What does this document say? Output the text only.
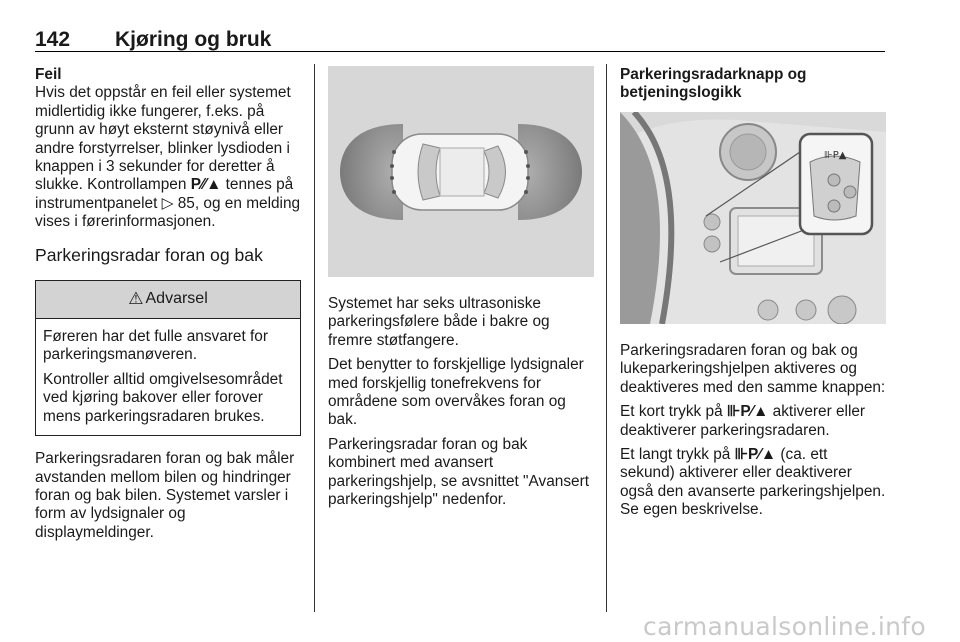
142 Kjøring og bruk

Feil

Hvis det oppstår en feil eller systemet midlertidig ikke fungerer, f.eks. på grunn av høyt eksternt støynivå eller andre forstyrrelser, blinker lysdioden i knappen i 3 sekunder for deretter å slukke. Kontrollampen P⁄⁄▲ tennes på instrumentpanelet ▷ 85, og en melding vises i førerinformasjonen.

Parkeringsradar foran og bak
⚠ Advarsel

Føreren har det fulle ansvaret for parkeringsmanøveren.

Kontroller alltid omgivelsesområdet ved kjøring bakover eller forover mens parkeringsradaren brukes.

Parkeringsradaren foran og bak måler avstanden mellom bilen og hindringer foran og bak bilen. Systemet varsler i form av lydsignaler og displaymeldinger.

Systemet har seks ultrasoniske parkeringsfølere både i bakre og fremre støtfangere.

Det benytter to forskjellige lydsignaler med forskjellig tonefrekvens for områdene som overvåkes foran og bak.

Parkeringsradar foran og bak kombinert med avansert parkeringshjelp, se avsnittet "Avansert parkeringshjelp" nedenfor.

Parkeringsradarknapp og betjeningslogikk

⊪P▲

Parkeringsradaren foran og bak og lukeparkeringshjelpen aktiveres og deaktiveres med den samme knappen:

Et kort trykk på ⊪P⁄▲ aktiverer eller deaktiverer parkeringsradaren.

Et langt trykk på ⊪P⁄▲ (ca. ett sekund) aktiverer eller deaktiverer også den avanserte parkeringshjelpen. Se egen beskrivelse.

carmanualsonline.info
